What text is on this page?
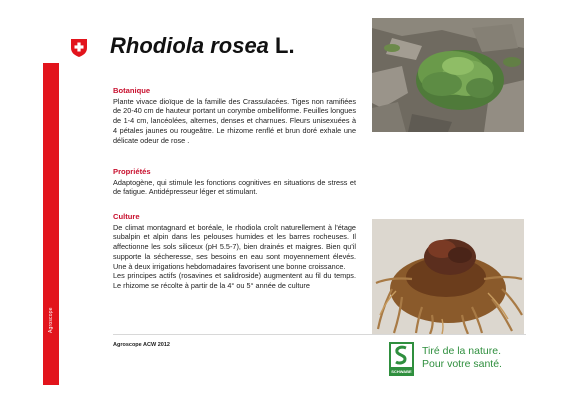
Agroscope
Rhodiola rosea L.
Botanique

Plante vivace dioïque de la famille des Crassulacées. Tiges non ramifiées de 20-40 cm de hauteur portant un corymbe ombelliforme. Feuilles longues de 1-4 cm, lancéolées, alternes, denses et charnues. Fleurs unisexuées à 4 pétales jaunes ou rougeâtre. Le rhizome renflé et brun doré exhale une délicate odeur de rose .

Propriétés

Adaptogène, qui stimule les fonctions cognitives en situations de stress et de fatigue. Antidépresseur léger et stimulant.

Culture

De climat montagnard et boréale, le rhodiola croît naturellement à l'étage subalpin et alpin dans les pelouses humides et les barres rocheuses. Il affectionne les sols siliceux (pH 5.5-7), bien drainés et maigres. Bien qu'il supporte la sécheresse, ses besoins en eau sont moyennement élevés. Une à deux irrigations hebdomadaires favorisent une bonne croissance.

Les principes actifs (rosavines et salidroside) augmentent au fil du temps. Le rhizome se récolte à partir de la 4° ou 5° année de culture

Agroscope ACW 2012
SCHWABE
Tiré de la nature.
Pour votre santé.
